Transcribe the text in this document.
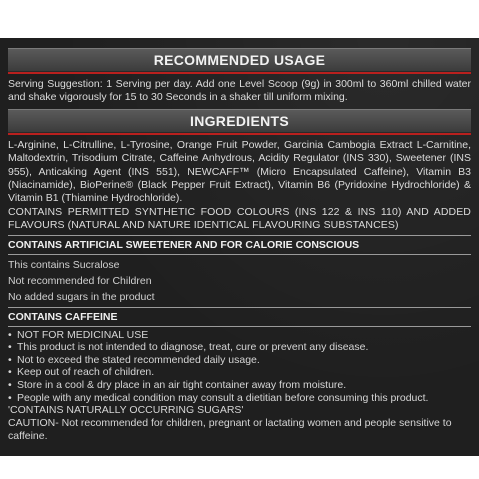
RECOMMENDED USAGE
Serving Suggestion: 1 Serving per day. Add one Level Scoop (9g) in 300ml to 360ml chilled water and shake vigorously for 15 to 30 Seconds in a shaker till uniform mixing.
INGREDIENTS
L-Arginine, L-Citrulline, L-Tyrosine, Orange Fruit Powder, Garcinia Cambogia Extract L-Carnitine, Maltodextrin, Trisodium Citrate, Caffeine Anhydrous, Acidity Regulator (INS 330), Sweetener (INS 955), Anticaking Agent (INS 551), NEWCAFF™ (Micro Encapsulated Caffeine), Vitamin B3 (Niacinamide), BioPerine® (Black Pepper Fruit Extract), Vitamin B6 (Pyridoxine Hydrochloride) & Vitamin B1 (Thiamine Hydrochloride).
CONTAINS PERMITTED SYNTHETIC FOOD COLOURS (INS 122 & INS 110) AND ADDED FLAVOURS (NATURAL AND NATURE IDENTICAL FLAVOURING SUBSTANCES)
CONTAINS ARTIFICIAL SWEETENER AND FOR CALORIE CONSCIOUS
This contains Sucralose
Not recommended for Children
No added sugars in the product
CONTAINS CAFFEINE
• NOT FOR MEDICINAL USE
• This product is not intended to diagnose, treat, cure or prevent any disease.
• Not to exceed the stated recommended daily usage.
• Keep out of reach of children.
• Store in a cool & dry place in an air tight container away from moisture.
• People with any medical condition may consult a dietitian before consuming this product.
'CONTAINS NATURALLY OCCURRING SUGARS'
CAUTION- Not recommended for children, pregnant or lactating women and people sensitive to caffeine.
